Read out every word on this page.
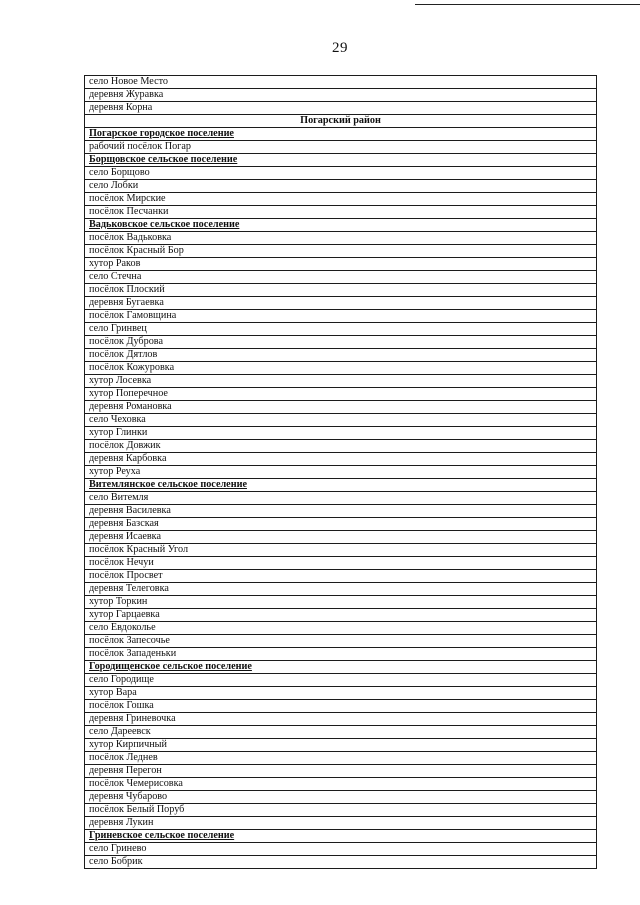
29
село Новое Место
деревня Журавка
деревня Корна
Погарский район
Погарское городское поселение
рабочий посёлок Погар
Борщовское сельское поселение
село Борщово
село Лобки
посёлок Мирские
посёлок Песчанки
Вадьковское сельское поселение
посёлок Вадьковка
посёлок Красный Бор
хутор Раков
село Стечна
посёлок Плоский
деревня Бугаевка
посёлок Гамовщина
село Гринвец
посёлок Дуброва
посёлок Дятлов
посёлок Кожуровка
хутор Лосевка
хутор Поперечное
деревня Романовка
село Чеховка
хутор Глинки
посёлок Довжик
деревня Карбовка
хутор Реуха
Витемлянское сельское поселение
село Витемля
деревня Василевка
деревня Базская
деревня Исаевка
посёлок Красный Угол
посёлок Нечуи
посёлок Просвет
деревня Телеговка
хутор Торкин
хутор Гарцаевка
село Евдоколье
посёлок Запесочье
посёлок Западеньки
Городищенское сельское поселение
село Городище
хутор Вара
посёлок Гошка
деревня Гриневочка
село Дареевск
хутор Кирпичный
посёлок Леднев
деревня Перегон
посёлок Чемерисовка
деревня Чубарово
посёлок Белый Поруб
деревня Лукин
Гриневское сельское поселение
село Гринево
село Бобрик
